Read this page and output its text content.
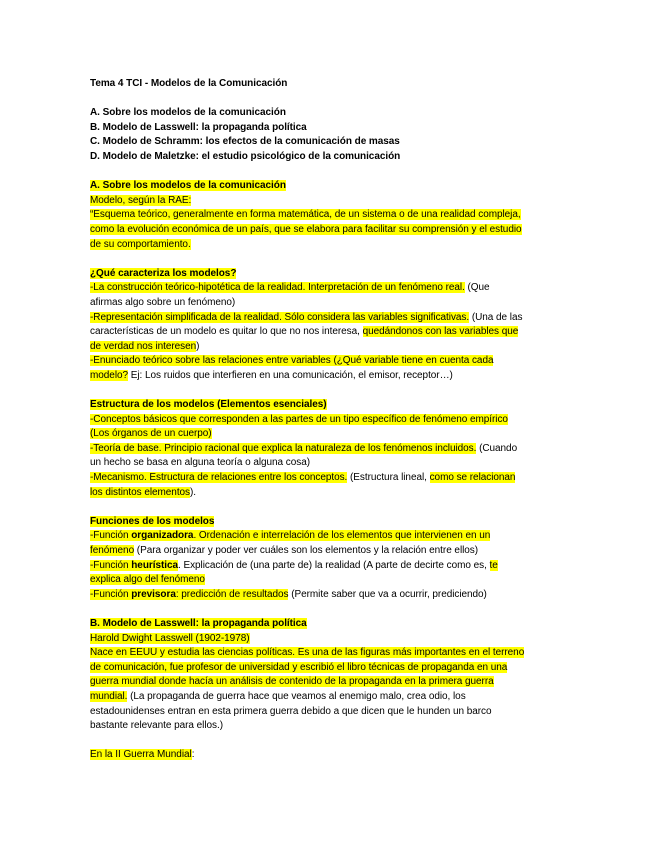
Tema 4 TCI - Modelos de la Comunicación
A. Sobre los modelos de la comunicación
B. Modelo de Lasswell: la propaganda política
C. Modelo de Schramm: los efectos de la comunicación de masas
D. Modelo de Maletzke: el estudio psicológico de la comunicación
A. Sobre los modelos de la comunicación
Modelo, según la RAE:
“Esquema teórico, generalmente en forma matemática, de un sistema o de una realidad compleja,
como la evolución económica de un país, que se elabora para facilitar su comprensión y el estudio
de su comportamiento.
¿Qué caracteriza los modelos?
-La construcción teórico-hipotética de la realidad. Interpretación de un fenómeno real. (Que
afirmas algo sobre un fenómeno)
-Representación simplificada de la realidad. Sólo considera las variables significativas. (Una de las
características de un modelo es quitar lo que no nos interesa, quedándonos con las variables que
de verdad nos interesen)
-Enunciado teórico sobre las relaciones entre variables (¿Qué variable tiene en cuenta cada
modelo? Ej: Los ruidos que interfieren en una comunicación, el emisor, receptor…)
Estructura de los modelos (Elementos esenciales)
-Conceptos básicos que corresponden a las partes de un tipo específico de fenómeno empírico
(Los órganos de un cuerpo)
-Teoría de base. Principio racional que explica la naturaleza de los fenómenos incluidos. (Cuando
un hecho se basa en alguna teoría o alguna cosa)
-Mecanismo. Estructura de relaciones entre los conceptos. (Estructura lineal, como se relacionan
los distintos elementos).
Funciones de los modelos
-Función organizadora. Ordenación e interrelación de los elementos que intervienen en un
fenómeno (Para organizar y poder ver cuáles son los elementos y la relación entre ellos)
-Función heurística. Explicación de (una parte de) la realidad (A parte de decirte como es, te
explica algo del fenómeno
-Función previsora: predicción de resultados (Permite saber que va a ocurrir, prediciendo)
B. Modelo de Lasswell: la propaganda política
Harold Dwight Lasswell (1902-1978)
Nace en EEUU y estudia las ciencias políticas. Es una de las figuras más importantes en el terreno
de comunicación, fue profesor de universidad y escribió el libro técnicas de propaganda en una
guerra mundial donde hacía un análisis de contenido de la propaganda en la primera guerra
mundial. (La propaganda de guerra hace que veamos al enemigo malo, crea odio, los
estadounidenses entran en esta primera guerra debido a que dicen que le hunden un barco
bastante relevante para ellos.)
En la II Guerra Mundial:
